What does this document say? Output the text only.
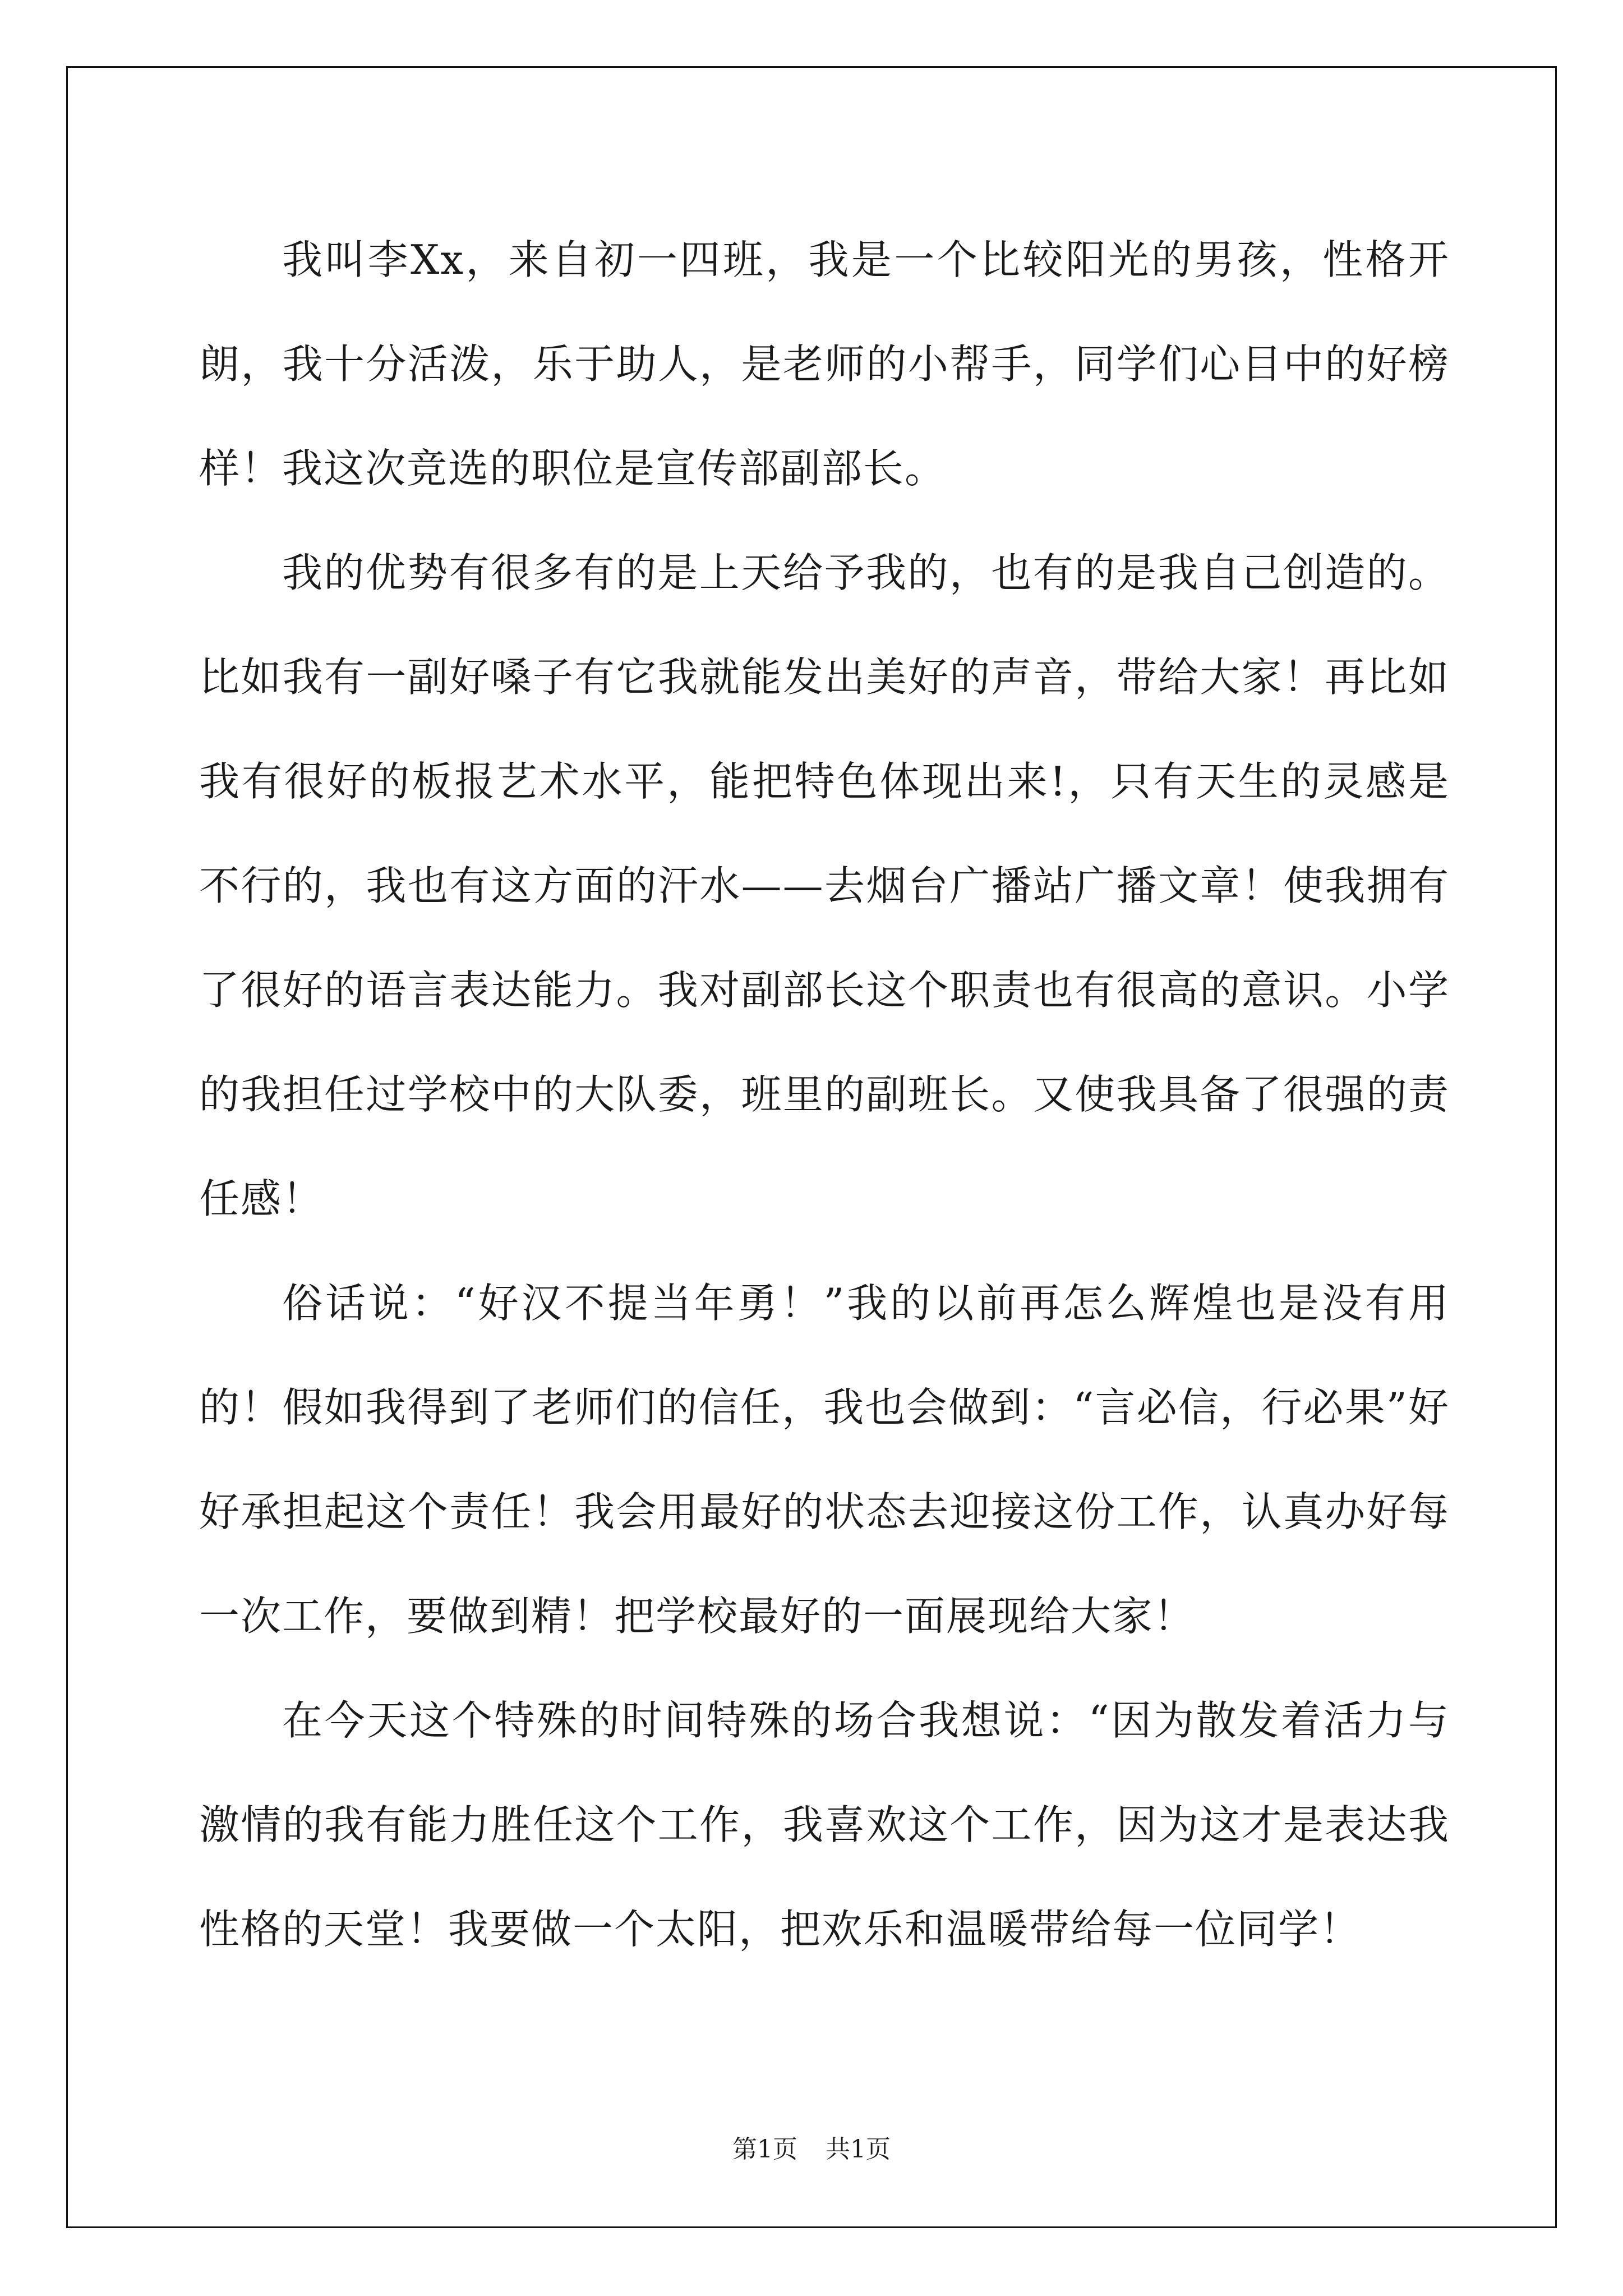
我叫李Xx，来自初一四班，我是一个比较阳光的男孩，性格开朗，我十分活泼，乐于助人，是老师的小帮手，同学们心目中的好榜样！我这次竞选的职位是宣传部副部长。

我的优势有很多有的是上天给予我的，也有的是我自己创造的。比如我有一副好嗓子有它我就能发出美好的声音，带给大家！再比如我有很好的板报艺术水平，能把特色体现出来!，只有天生的灵感是不行的，我也有这方面的汗水——去烟台广播站广播文章！使我拥有了很好的语言表达能力。我对副部长这个职责也有很高的意识。小学的我担任过学校中的大队委，班里的副班长。又使我具备了很强的责任感！

俗话说：“好汉不提当年勇！”我的以前再怎么辉煌也是没有用的！假如我得到了老师们的信任，我也会做到：“言必信，行必果”好好承担起这个责任！我会用最好的状态去迎接这份工作，认真办好每一次工作，要做到精！把学校最好的一面展现给大家！

在今天这个特殊的时间特殊的场合我想说：“因为散发着活力与激情的我有能力胜任这个工作，我喜欢这个工作，因为这才是表达我性格的天堂！我要做一个太阳，把欢乐和温暖带给每一位同学！

第1页 共1页
